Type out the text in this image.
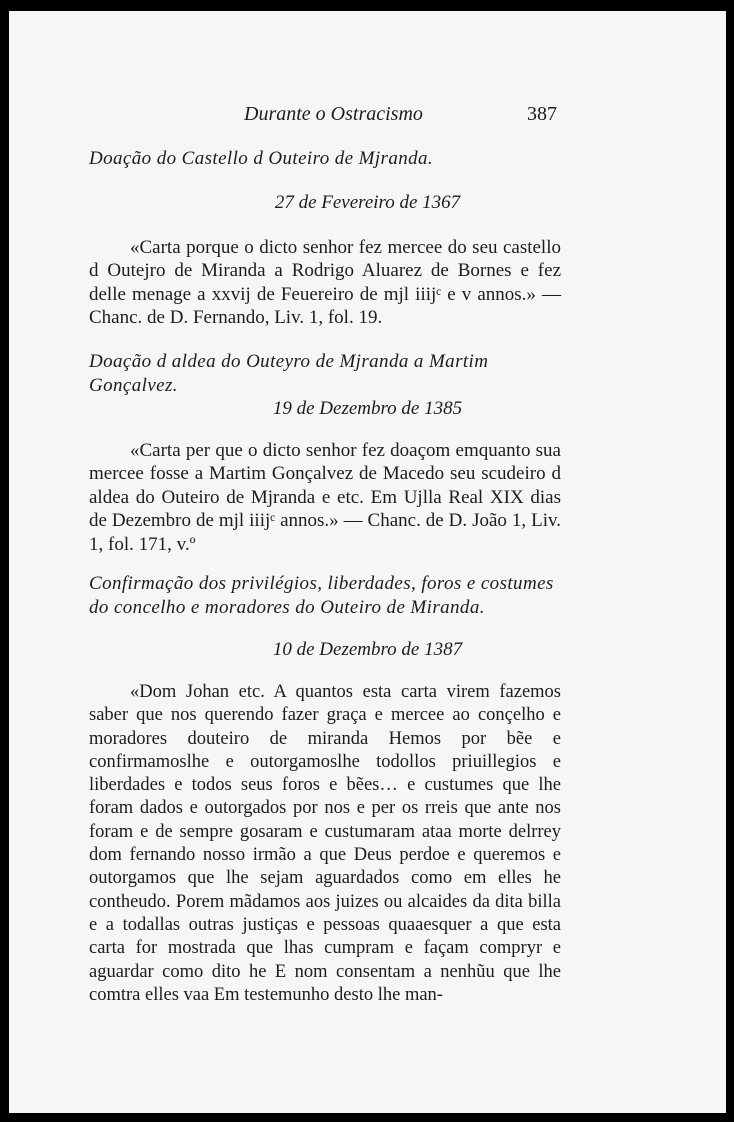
Durante o Ostracismo	387
Doação do Castello d Outeiro de Mjranda.
27 de Fevereiro de 1367

«Carta porque o dicto senhor fez mercee do seu castello d Outejro de Miranda a Rodrigo Aluarez de Bornes e fez delle menage a xxvij de Feuereiro de mjl iiijᶜ e v annos.» — Chanc. de D. Fernando, Liv. 1, fol. 19.

Doação d aldea do Outeyro de Mjranda a Martim Gonçalvez.
19 de Dezembro de 1385

«Carta per que o dicto senhor fez doaçom emquanto sua mercee fosse a Martim Gonçalvez de Macedo seu scudeiro d aldea do Outeiro de Mjranda e etc. Em Ujlla Real XIX dias de Dezembro de mjl iiijᶜ annos.» — Chanc. de D. João 1, Liv. 1, fol. 171, v.º

Confirmação dos privilégios, liberdades, foros e costumes do concelho e moradores do Outeiro de Miranda.
10 de Dezembro de 1387

«Dom Johan etc. A quantos esta carta virem fazemos saber que nos querendo fazer graça e mercee ao conçelho e moradores douteiro de miranda Hemos por bẽe e confirmamoslhe e outorgamoslhe todollos priuillegios e liberdades e todos seus foros e bẽes… e custumes que lhe foram dados e outorgados por nos e per os rreis que ante nos foram e de sempre gosaram e custumaram ataa morte delrrey dom fernando nosso irmão a que Deus perdoe e queremos e outorgamos que lhe sejam aguardados como em elles he contheudo. Porem mãdamos aos juizes ou alcaides da dita billa e a todallas outras justiças e pessoas quaaesquer a que esta carta for mostrada que lhas cumpram e façam compryr e aguardar como dito he E nom consentam a nenhũu que lhe comtra elles vaa Em testemunho desto lhe man-
